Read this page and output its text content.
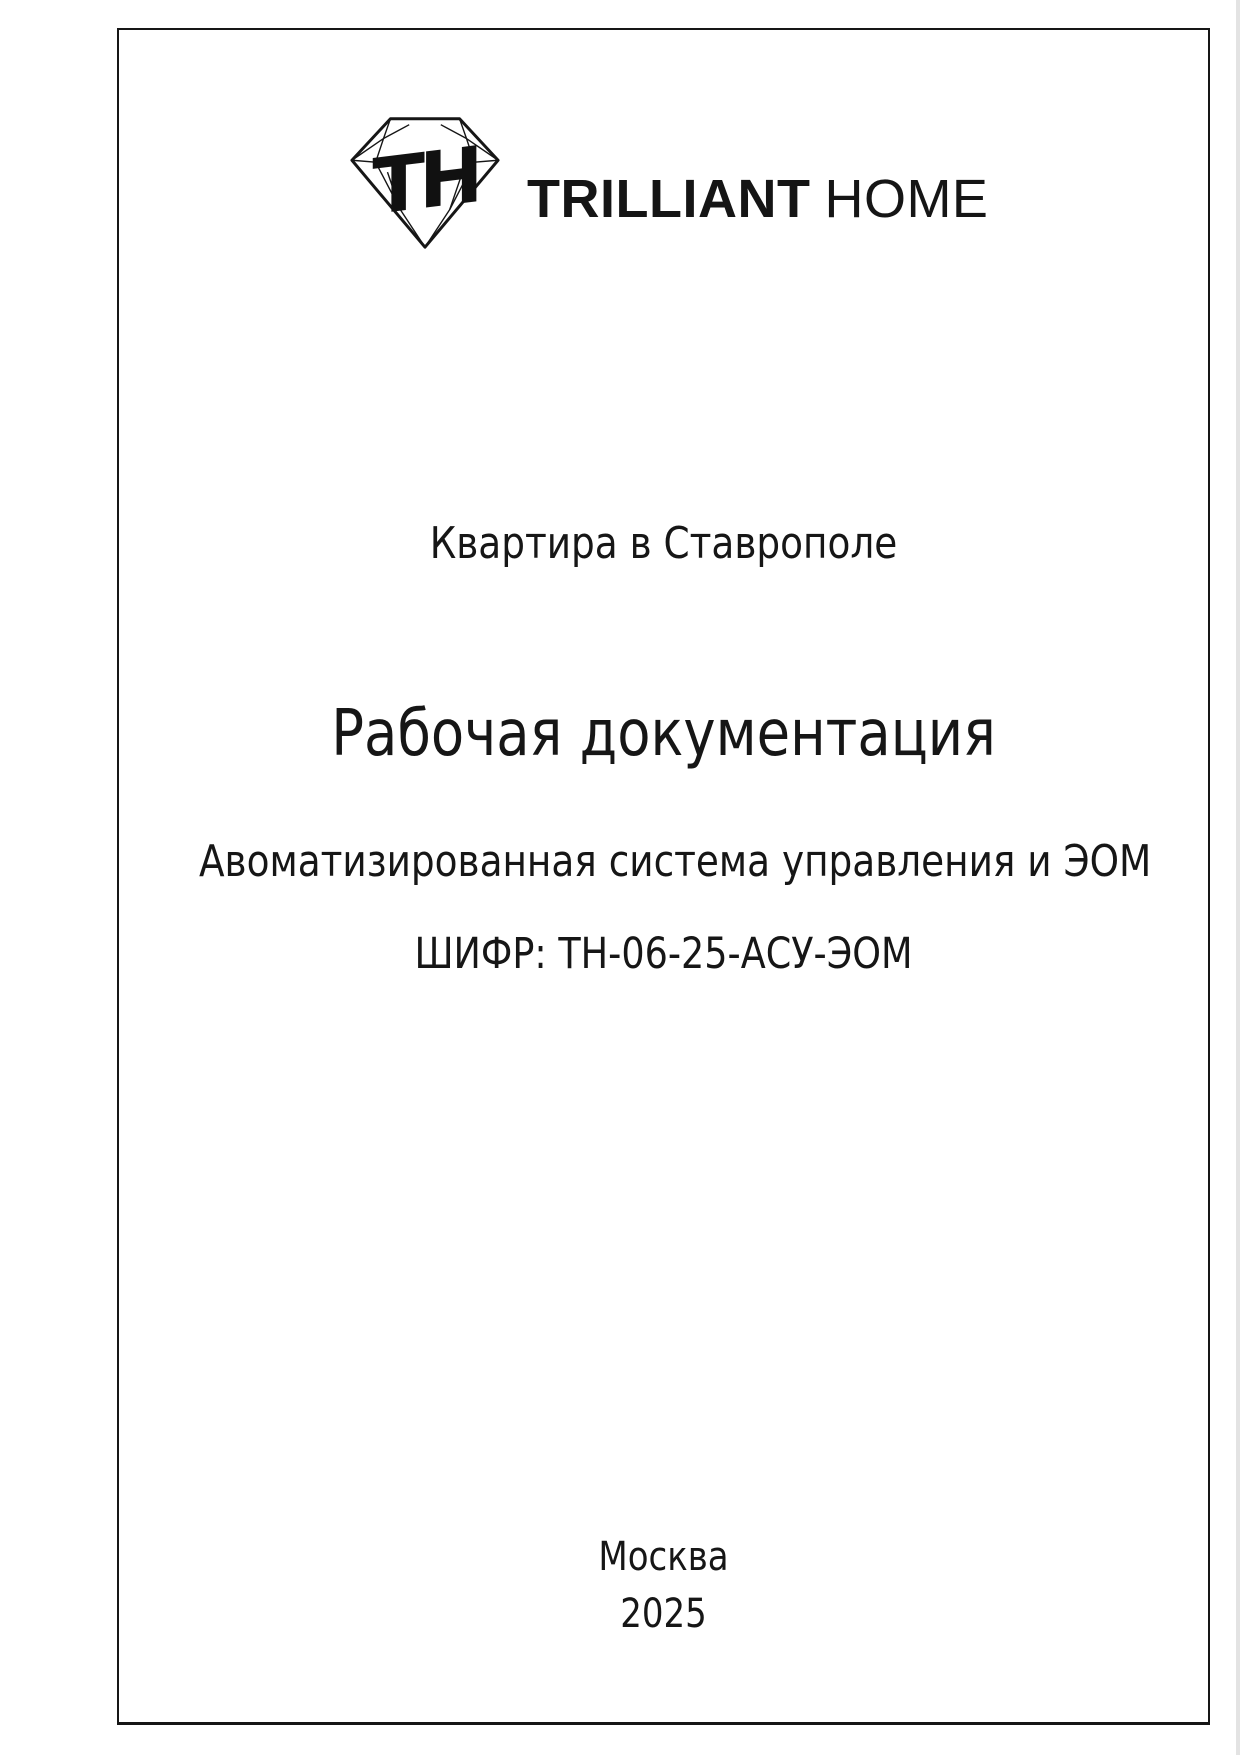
TH TRILLIANT HOME
Квартира в Ставрополе
Рабочая документация
Авоматизированная система управления и ЭОМ
ШИФР: ТН-06-25-АСУ-ЭОМ
Москва
2025
